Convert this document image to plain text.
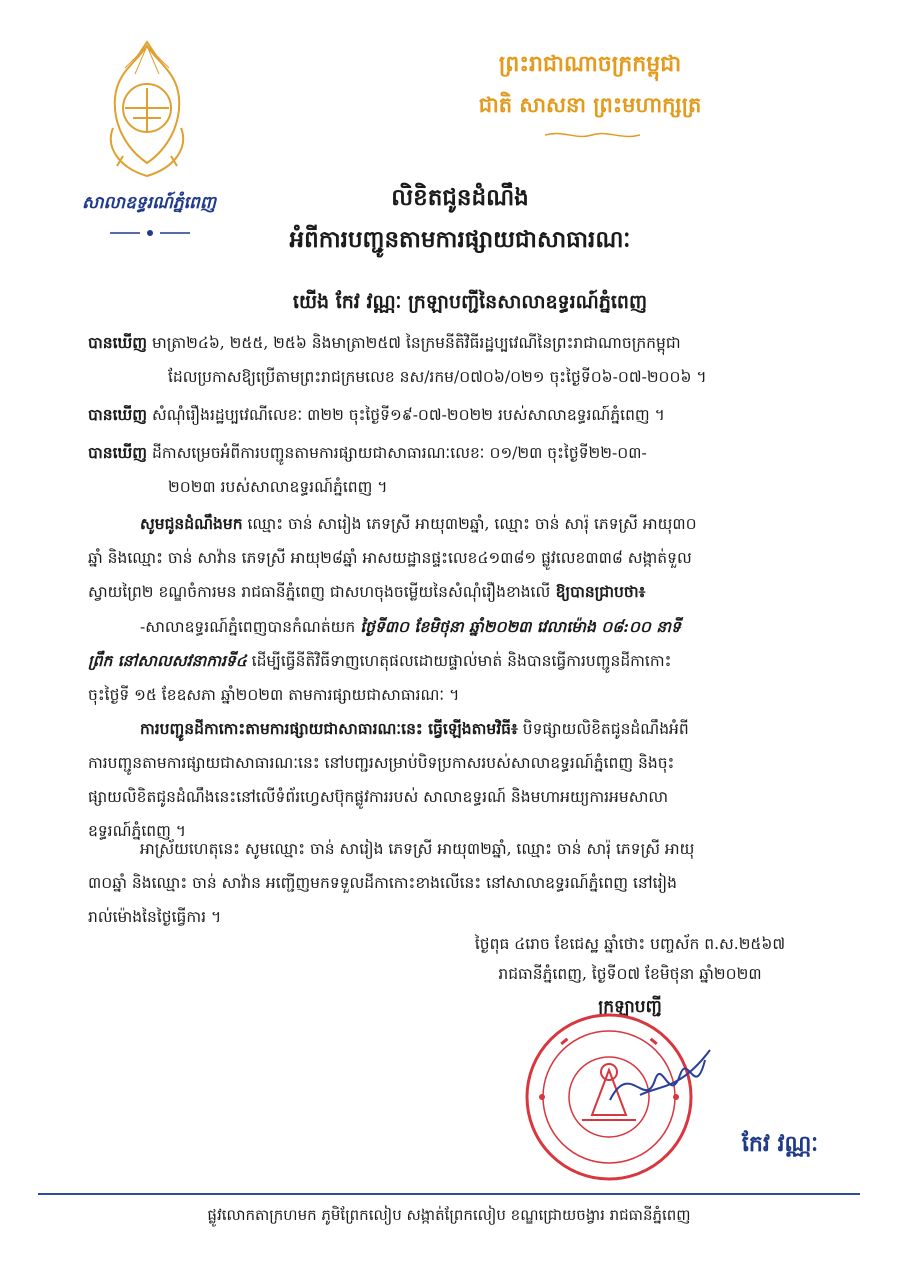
សាលាឧទ្ធរណ៍ភ្នំពេញ
ព្រះរាជាណាចក្រកម្ពុជា
ជាតិ សាសនា ព្រះមហាក្សត្រ
លិខិតជូនដំណឹង
អំពីការបញ្ជូនតាមការផ្សាយជាសាធារណៈ
យើង កែវ វណ្ណៈ ក្រឡាបញ្ជីនៃសាលាឧទ្ធរណ៍ភ្នំពេញ
បានឃើញ មាត្រា២៤៦, ២៥៥, ២៥៦ និងមាត្រា២៥៧ នៃក្រមនីតិវិធីរដ្ឋប្បវេណីនៃព្រះរាជាណាចក្រកម្ពុជា
ដែលប្រកាសឱ្យប្រើតាមព្រះរាជក្រមលេខ នស/រកម/០៧០៦/០២១ ចុះថ្ងៃទី០៦-០៧-២០០៦ ។
បានឃើញ សំណុំរឿងរដ្ឋប្បវេណីលេខៈ ៣២២ ចុះថ្ងៃទី១៩-០៧-២០២២ របស់សាលាឧទ្ធរណ៍ភ្នំពេញ ។
បានឃើញ ដីកាសម្រេចអំពីការបញ្ជូនតាមការផ្សាយជាសាធារណៈលេខៈ ០១/២៣ ចុះថ្ងៃទី២២-០៣-
២០២៣ របស់សាលាឧទ្ធរណ៍ភ្នំពេញ ។
សូមជូនដំណឹងមក ឈ្មោះ ចាន់ សារៀង ភេទស្រី អាយុ៣២ឆ្នាំ, ឈ្មោះ ចាន់ សារ៉ុ ភេទស្រី អាយុ៣០
ឆ្នាំ និងឈ្មោះ ចាន់ សាវ៉ាន ភេទស្រី អាយុ២៨ឆ្នាំ អាសយដ្ឋានផ្ទះលេខ៤១៣៨១ ផ្លូវលេខ៣៣៨ សង្កាត់ទួល
ស្វាយព្រៃ២ ខណ្ឌចំការមន រាជធានីភ្នំពេញ ជាសហចុងចម្លើយនៃសំណុំរឿងខាងលើ ឱ្យបានជ្រាបថា៖
-សាលាឧទ្ធរណ៍ភ្នំពេញបានកំណត់យក ថ្ងៃទី៣០ ខែមិថុនា ឆ្នាំ២០២៣ វេលាម៉ោង ០៨:០០ នាទី
ព្រឹក នៅសាលសវនាការទី៤ ដើម្បីធ្វើនីតិវិធីទាញហេតុផលដោយផ្ទាល់មាត់ និងបានធ្វើការបញ្ជូនដីកាកោះ
ចុះថ្ងៃទី ១៥ ខែឧសភា ឆ្នាំ២០២៣ តាមការផ្សាយជាសាធារណៈ ។
ការបញ្ជូនដីកាកោះតាមការផ្សាយជាសាធារណៈនេះ ធ្វើឡើងតាមវិធី៖ បិទផ្សាយលិខិតជូនដំណឹងអំពី
ការបញ្ជូនតាមការផ្សាយជាសាធារណៈនេះ នៅបញ្ជរសម្រាប់បិទប្រកាសរបស់សាលាឧទ្ធរណ៍ភ្នំពេញ និងចុះ
ផ្សាយលិខិតជូនដំណឹងនេះនៅលើទំព័រហ្វេសប៊ុកផ្លូវការរបស់ សាលាឧទ្ធរណ៍ និងមហាអយ្យការអមសាលា
ឧទ្ធរណ៍ភ្នំពេញ ។
អាស្រ័យហេតុនេះ សូមឈ្មោះ ចាន់ សារៀង ភេទស្រី អាយុ៣២ឆ្នាំ, ឈ្មោះ ចាន់ សារ៉ុ ភេទស្រី អាយុ
៣០ឆ្នាំ និងឈ្មោះ ចាន់ សាវ៉ាន អញ្ជើញមកទទួលដីកាកោះខាងលើនេះ នៅសាលាឧទ្ធរណ៍ភ្នំពេញ នៅរៀង
រាល់ម៉ោងនៃថ្ងៃធ្វើការ ។
ថ្ងៃពុធ ៤រោច ខែជេស្ឋ ឆ្នាំថោះ បញ្ចស័ក ព.ស.២៥៦៧
រាជធានីភ្នំពេញ, ថ្ងៃទី០៧ ខែមិថុនា ឆ្នាំ២០២៣
ក្រឡាបញ្ជី
កែវ វណ្ណៈ
ផ្លូវលោកតាក្រហមក ភូមិព្រែកលៀប សង្កាត់ព្រែកលៀប ខណ្ឌជ្រោយចង្វារ រាជធានីភ្នំពេញ
